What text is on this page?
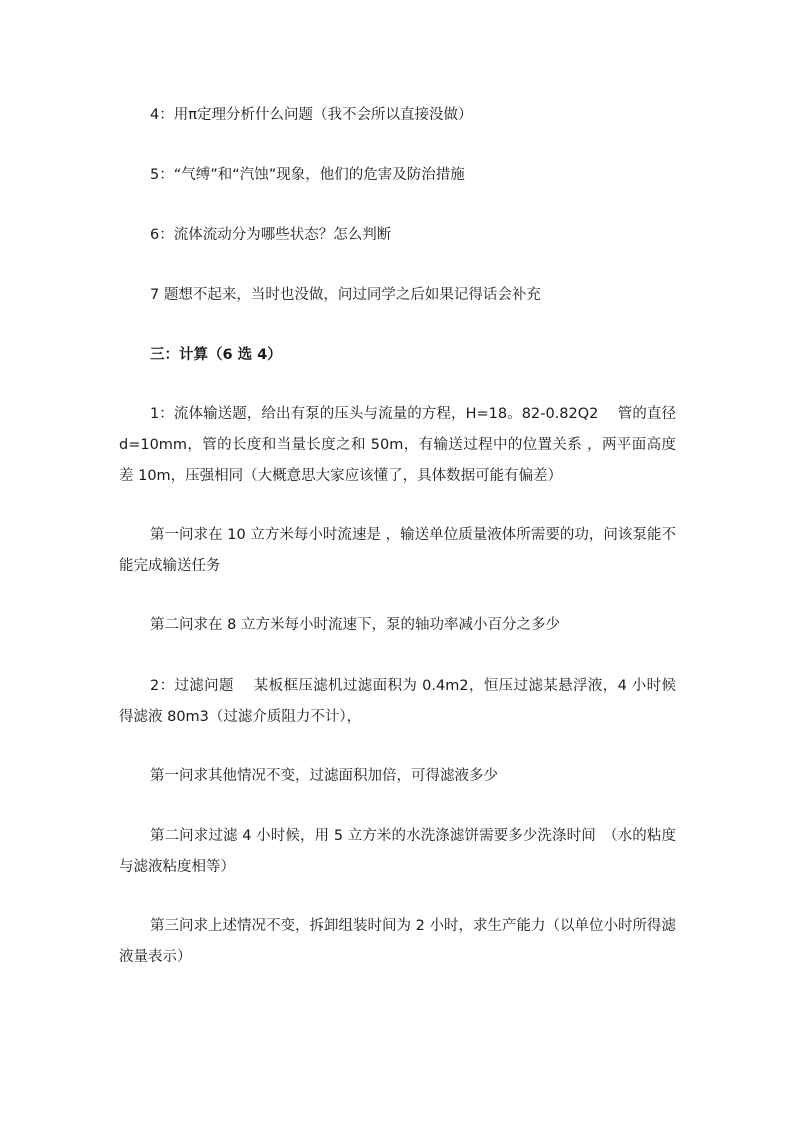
4：用π定理分析什么问题（我不会所以直接没做）
5：“气缚”和“汽蚀”现象，他们的危害及防治措施
6：流体流动分为哪些状态？怎么判断
7 题想不起来，当时也没做，问过同学之后如果记得话会补充
三：计算（6 选 4）
1：流体输送题，给出有泵的压头与流量的方程，H=18。82-0.82Q2　 管的直径 d=10mm，管的长度和当量长度之和 50m，有输送过程中的位置关系 ，两平面高度差 10m，压强相同（大概意思大家应该懂了，具体数据可能有偏差）
第一问求在 10 立方米每小时流速是 ，输送单位质量液体所需要的功，问该泵能不能完成输送任务
第二问求在 8 立方米每小时流速下，泵的轴功率减小百分之多少
2：过滤问题　 某板框压滤机过滤面积为 0.4m2，恒压过滤某悬浮液，4 小时候得滤液 80m3（过滤介质阻力不计），
第一问求其他情况不变，过滤面积加倍，可得滤液多少
第二问求过滤 4 小时候，用 5 立方米的水洗涤滤饼需要多少洗涤时间　（水的粘度与滤液粘度相等）
第三问求上述情况不变，拆卸组装时间为 2 小时，求生产能力（以单位小时所得滤液量表示）
